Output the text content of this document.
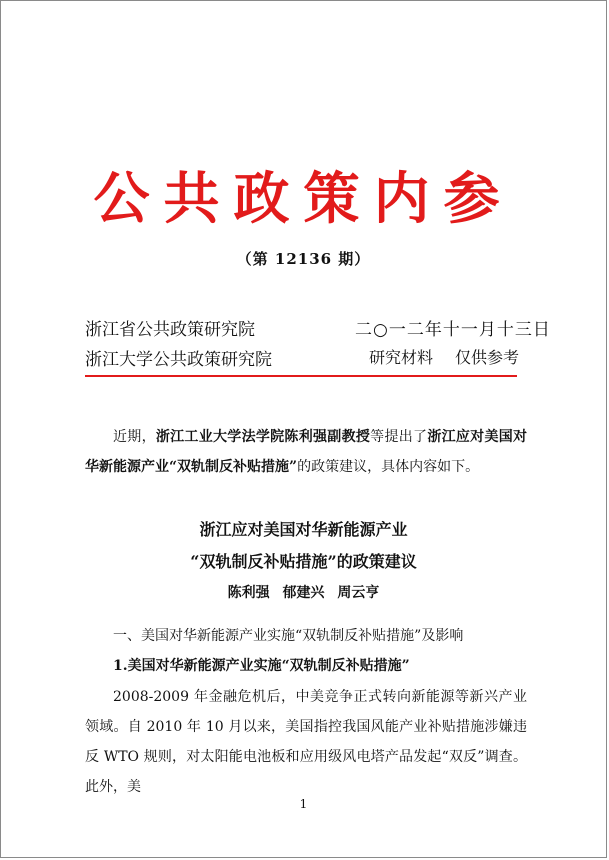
公共政策内参
（第 12136 期）
浙江省公共政策研究院	二○一二年十一月十三日
浙江大学公共政策研究院	研究材料 仅供参考
近期，浙江工业大学法学院陈利强副教授等提出了浙江应对美国对华新能源产业“双轨制反补贴措施”的政策建议，具体内容如下。
浙江应对美国对华新能源产业
“双轨制反补贴措施”的政策建议
陈利强 郁建兴 周云亨
一、美国对华新能源产业实施“双轨制反补贴措施”及影响
1.美国对华新能源产业实施“双轨制反补贴措施”
2008-2009 年金融危机后，中美竞争正式转向新能源等新兴产业领域。自 2010 年 10 月以来，美国指控我国风能产业补贴措施涉嫌违反 WTO 规则，对太阳能电池板和应用级风电塔产品发起“双反”调查。此外，美
1
